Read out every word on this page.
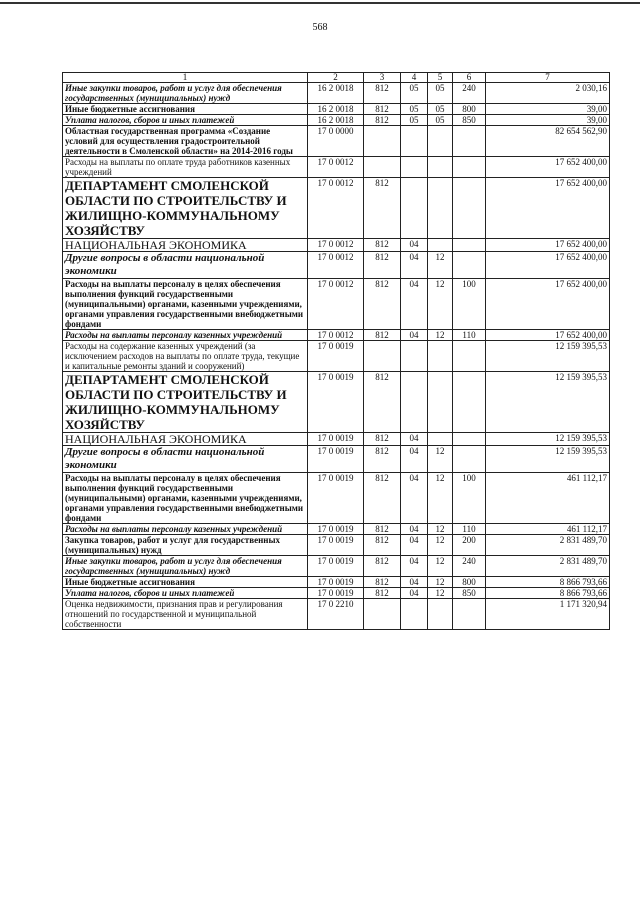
568
1	2	3	4	5	6	7
Иные закупки товаров, работ и услуг для обеспечения государственных (муниципальных) нужд	16 2 0018	812	05	05	240	2 030,16
Иные бюджетные ассигнования	16 2 0018	812	05	05	800	39,00
Уплата налогов, сборов и иных платежей	16 2 0018	812	05	05	850	39,00
Областная государственная программа «Создание условий для осуществления градостроительной деятельности в Смоленской области» на 2014-2016 годы	17 0 0000					82 654 562,90
Расходы на выплаты по оплате труда работников казенных учреждений	17 0 0012					17 652 400,00
ДЕПАРТАМЕНТ СМОЛЕНСКОЙ ОБЛАСТИ ПО СТРОИТЕЛЬСТВУ И ЖИЛИЩНО-КОММУНАЛЬНОМУ ХОЗЯЙСТВУ	17 0 0012	812				17 652 400,00
НАЦИОНАЛЬНАЯ ЭКОНОМИКА	17 0 0012	812	04			17 652 400,00
Другие вопросы в области национальной экономики	17 0 0012	812	04	12		17 652 400,00
Расходы на выплаты персоналу в целях обеспечения выполнения функций государственными (муниципальными) органами, казенными учреждениями, органами управления государственными внебюджетными фондами	17 0 0012	812	04	12	100	17 652 400,00
Расходы на выплаты персоналу казенных учреждений	17 0 0012	812	04	12	110	17 652 400,00
Расходы на содержание казенных учреждений (за исключением расходов на выплаты по оплате труда, текущие и капитальные ремонты зданий и сооружений)	17 0 0019					12 159 395,53
ДЕПАРТАМЕНТ СМОЛЕНСКОЙ ОБЛАСТИ ПО СТРОИТЕЛЬСТВУ И ЖИЛИЩНО-КОММУНАЛЬНОМУ ХОЗЯЙСТВУ	17 0 0019	812				12 159 395,53
НАЦИОНАЛЬНАЯ ЭКОНОМИКА	17 0 0019	812	04			12 159 395,53
Другие вопросы в области национальной экономики	17 0 0019	812	04	12		12 159 395,53
Расходы на выплаты персоналу в целях обеспечения выполнения функций государственными (муниципальными) органами, казенными учреждениями, органами управления государственными внебюджетными фондами	17 0 0019	812	04	12	100	461 112,17
Расходы на выплаты персоналу казенных учреждений	17 0 0019	812	04	12	110	461 112,17
Закупка товаров, работ и услуг для государственных (муниципальных) нужд	17 0 0019	812	04	12	200	2 831 489,70
Иные закупки товаров, работ и услуг для обеспечения государственных (муниципальных) нужд	17 0 0019	812	04	12	240	2 831 489,70
Иные бюджетные ассигнования	17 0 0019	812	04	12	800	8 866 793,66
Уплата налогов, сборов и иных платежей	17 0 0019	812	04	12	850	8 866 793,66
Оценка недвижимости, признания прав и регулирования отношений по государственной и муниципальной собственности	17 0 2210					1 171 320,94
